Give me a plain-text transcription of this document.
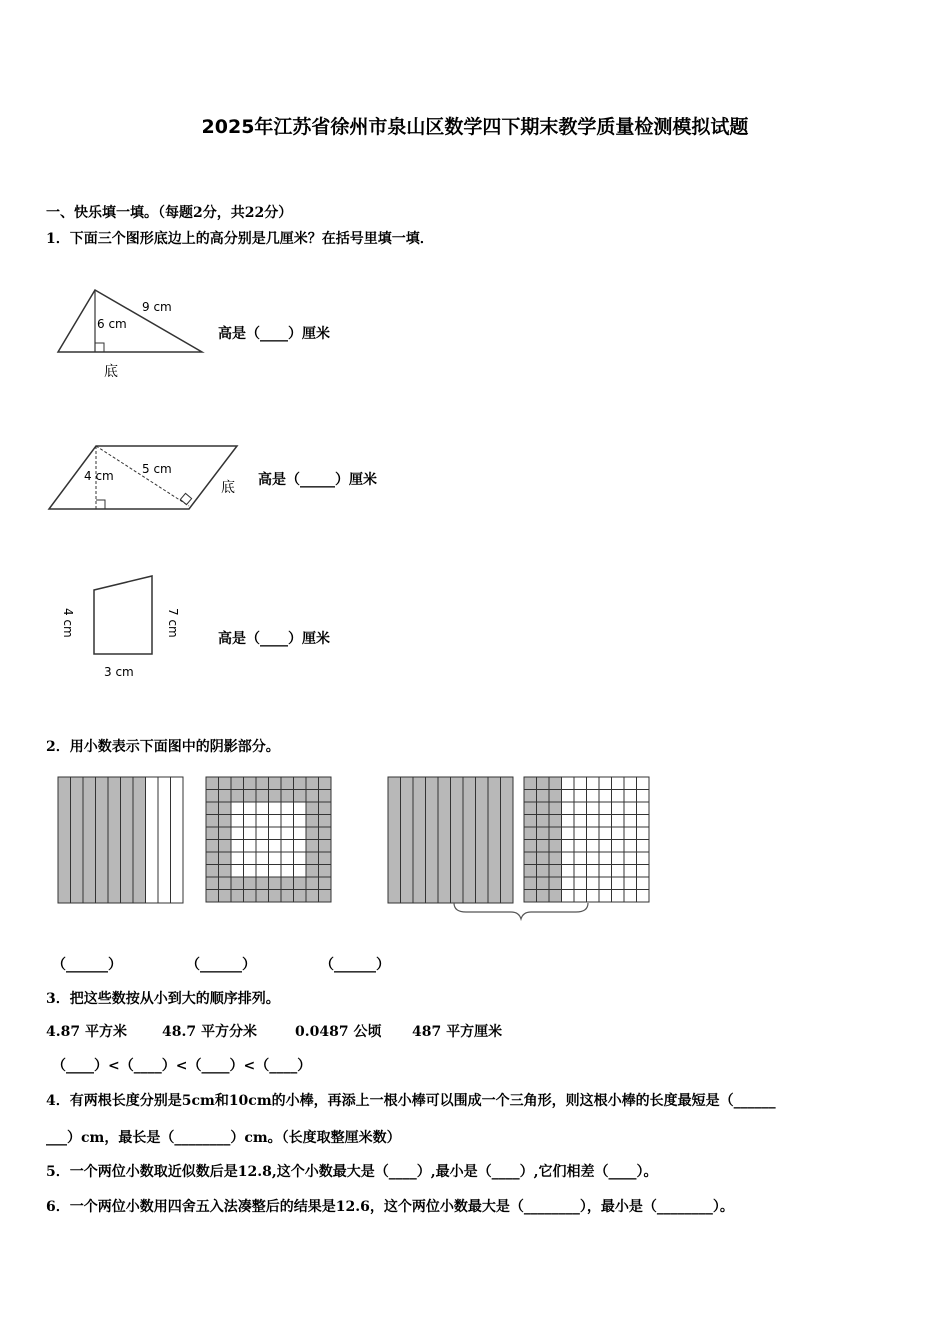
2025年江苏省徐州市泉山区数学四下期末教学质量检测模拟试题
一、快乐填一填。（每题2分，共22分）
1．下面三个图形底边上的高分别是几厘米？在括号里填一填．
9 cm
6 cm
底
高是（____）厘米
5 cm
4 cm
底 高是（_____）厘米
4 cm	7 cm
3 cm
高是（____）厘米
2．用小数表示下面图中的阴影部分。
（______）	（______）	（______）
3．把这些数按从小到大的顺序排列。
4.87 平方米	48.7 平方分米	0.0487 公顷 487 平方厘米
（____）<（____）<（____）<（____）
4．有两根长度分别是5cm和10cm的小棒，再添上一根小棒可以围成一个三角形，则这根小棒的长度最短是（______
___）cm，最长是（________）cm。（长度取整厘米数）
5．一个两位小数取近似数后是12.8,这个小数最大是（____）,最小是（____）,它们相差（____）。
6．一个两位小数用四舍五入法凑整后的结果是12.6，这个两位小数最大是（________），最小是（________）。
